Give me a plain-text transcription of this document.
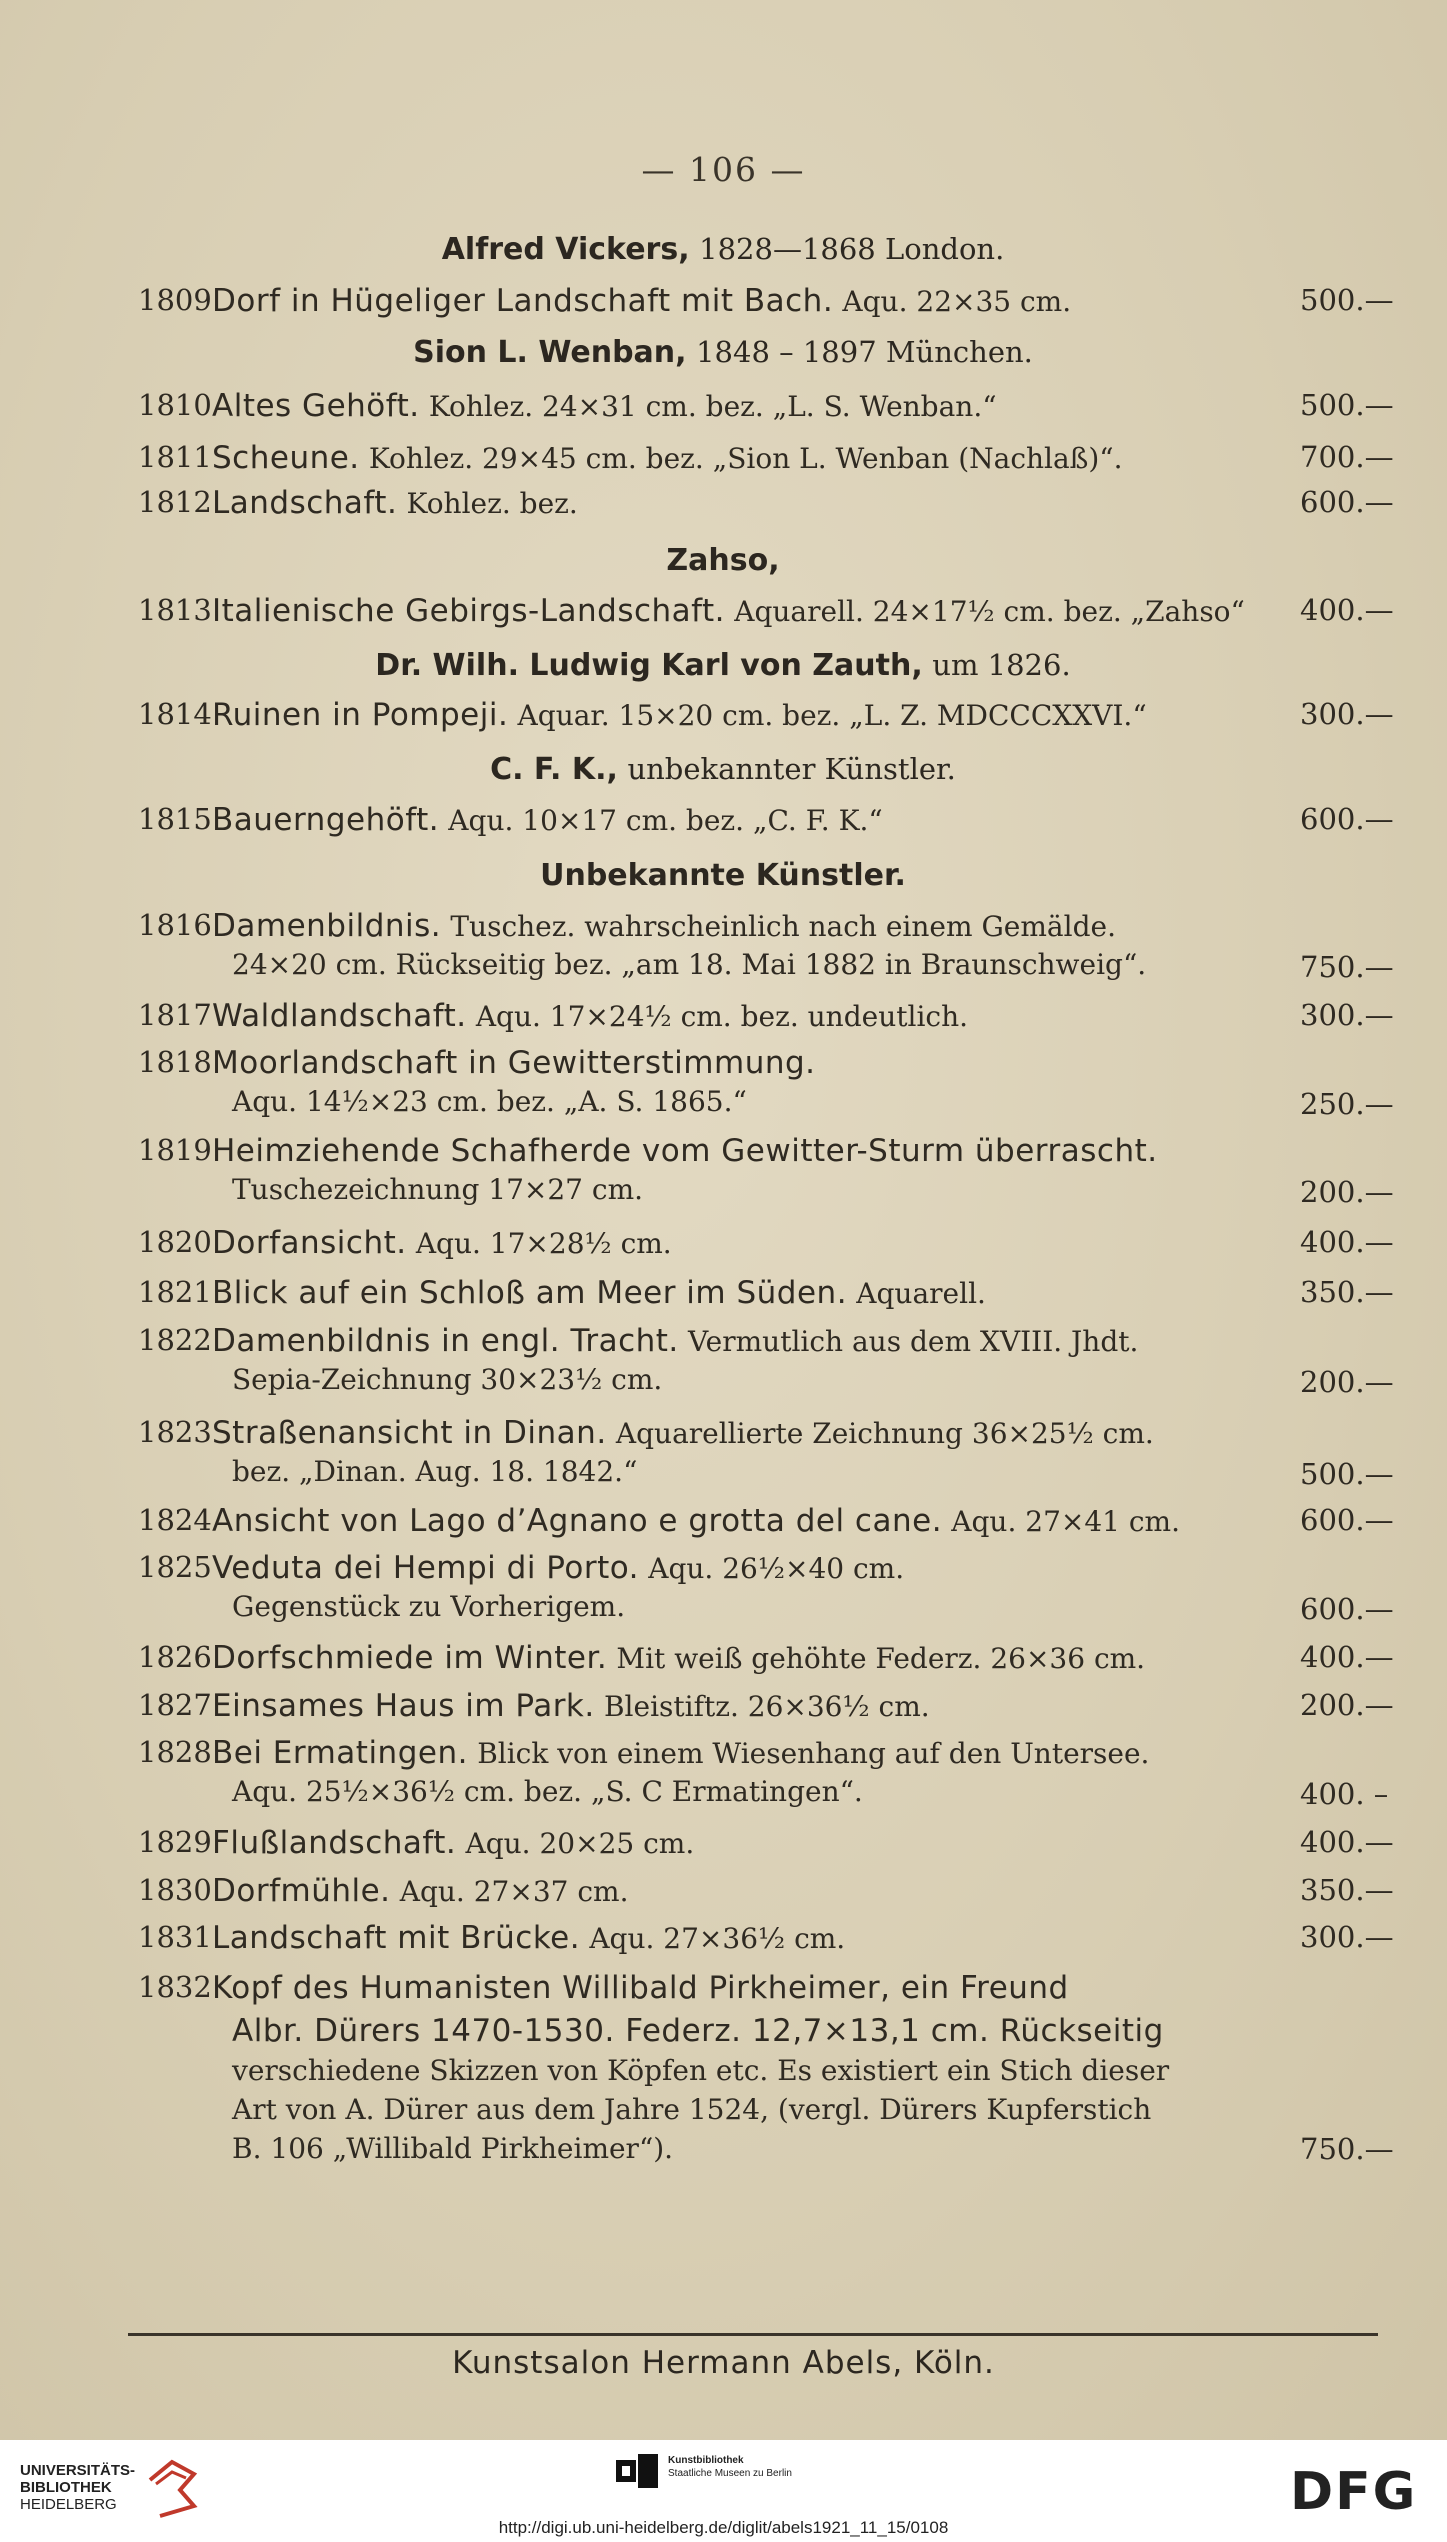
— 106 —
Alfred Vickers, 1828—1868 London.
1809 Dorf in Hügeliger Landschaft mit Bach. Aqu. 22×35 cm.	500.—
Sion L. Wenban, 1848 – 1897 München.
1810 Altes Gehöft. Kohlez. 24×31 cm. bez. „L. S. Wenban.“	500.—
1811 Scheune. Kohlez. 29×45 cm. bez. „Sion L. Wenban (Nachlaß)“.	700.—
1812 Landschaft. Kohlez. bez.	600.—
Zahso,
1813 Italienische Gebirgs-Landschaft. Aquarell. 24×17½ cm. bez. „Zahso“ 400.—
Dr. Wilh. Ludwig Karl von Zauth, um 1826.
1814 Ruinen in Pompeji. Aquar. 15×20 cm. bez. „L. Z. MDCCCXXVI.“	300.—
C. F. K., unbekannter Künstler.
1815 Bauerngehöft. Aqu. 10×17 cm. bez. „C. F. K.“	600.—
Unbekannte Künstler.
1816 Damenbildnis. Tuschez. wahrscheinlich nach einem Gemälde.
24×20 cm. Rückseitig bez. „am 18. Mai 1882 in Braunschweig“.	750.—
1817 Waldlandschaft. Aqu. 17×24½ cm. bez. undeutlich.	300.—
1818 Moorlandschaft in Gewitterstimmung.
Aqu. 14½×23 cm. bez. „A. S. 1865.“	250.—
1819 Heimziehende Schafherde vom Gewitter-Sturm überrascht.
Tuschezeichnung 17×27 cm.	200.—
1820 Dorfansicht. Aqu. 17×28½ cm.	400.—
1821 Blick auf ein Schloß am Meer im Süden. Aquarell.	350.—
1822 Damenbildnis in engl. Tracht. Vermutlich aus dem XVIII. Jhdt.
Sepia-Zeichnung 30×23½ cm.	200.—
1823 Straßenansicht in Dinan. Aquarellierte Zeichnung 36×25½ cm.
bez. „Dinan. Aug. 18. 1842.“	500.—
1824 Ansicht von Lago d’Agnano e grotta del cane. Aqu. 27×41 cm.	600.—
1825 Veduta dei Hempi di Porto. Aqu. 26½×40 cm.
Gegenstück zu Vorherigem.	600.—
1826 Dorfschmiede im Winter. Mit weiß gehöhte Federz. 26×36 cm.	400.—
1827 Einsames Haus im Park. Bleistiftz. 26×36½ cm.	200.—
1828 Bei Ermatingen. Blick von einem Wiesenhang auf den Untersee.
Aqu. 25½×36½ cm. bez. „S. C Ermatingen“.	400. –
1829 Flußlandschaft. Aqu. 20×25 cm.	400.—
1830 Dorfmühle. Aqu. 27×37 cm.	350.—
1831 Landschaft mit Brücke. Aqu. 27×36½ cm.	300.—
1832 Kopf des Humanisten Willibald Pirkheimer, ein Freund
Albr. Dürers 1470-1530. Federz. 12,7×13,1 cm. Rückseitig
verschiedene Skizzen von Köpfen etc. Es existiert ein Stich dieser
Art von A. Dürer aus dem Jahre 1524, (vergl. Dürers Kupferstich
B. 106 „Willibald Pirkheimer“).	750.—
Kunstsalon Hermann Abels, Köln.
UNIVERSITÄTS-
BIBLIOTHEK
HEIDELBERG
Kunstbibliothek
Staatliche Museen zu Berlin	DFG
http://digi.ub.uni-heidelberg.de/diglit/abels1921_11_15/0108
